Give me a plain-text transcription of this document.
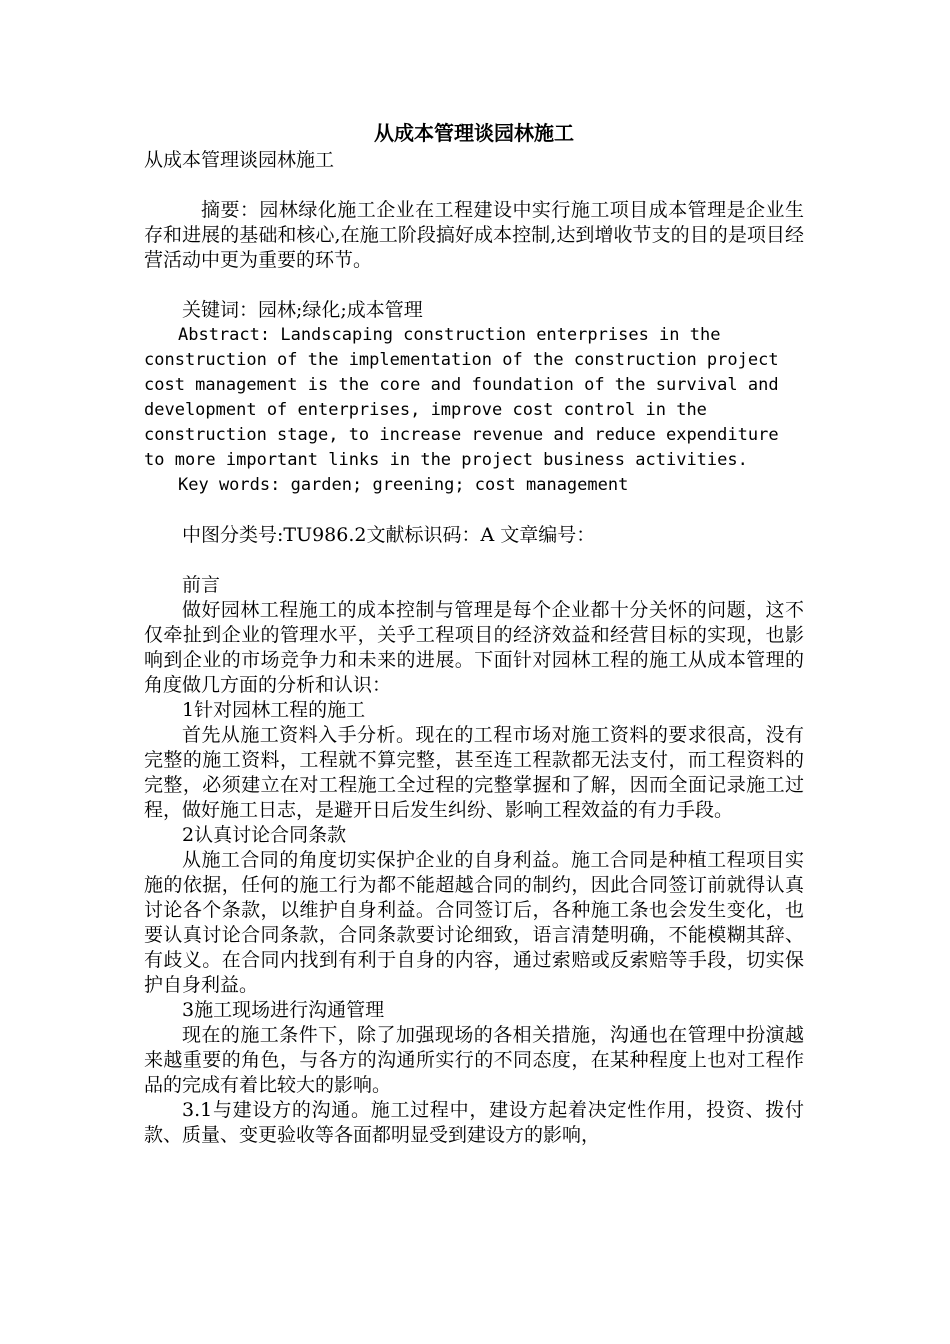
从成本管理谈园林施工

从成本管理谈园林施工

摘要：园林绿化施工企业在工程建设中实行施工项目成本管理是企业生存和进展的基础和核心,在施工阶段搞好成本控制,达到增收节支的目的是项目经营活动中更为重要的环节。

关键词：园林;绿化;成本管理

Abstract: Landscaping construction enterprises in the construction of the implementation of the construction project cost management is the core and foundation of the survival and development of enterprises, improve cost control in the construction stage, to increase revenue and reduce expenditure to more important links in the project business activities.

Key words: garden; greening; cost management

中图分类号:TU986.2文献标识码：A 文章编号：

前言

做好园林工程施工的成本控制与管理是每个企业都十分关怀的问题，这不仅牵扯到企业的管理水平，关乎工程项目的经济效益和经营目标的实现，也影响到企业的市场竞争力和未来的进展。下面针对园林工程的施工从成本管理的角度做几方面的分析和认识：

1针对园林工程的施工

首先从施工资料入手分析。现在的工程市场对施工资料的要求很高，没有完整的施工资料，工程就不算完整，甚至连工程款都无法支付，而工程资料的完整，必须建立在对工程施工全过程的完整掌握和了解，因而全面记录施工过程，做好施工日志，是避开日后发生纠纷、影响工程效益的有力手段。

2认真讨论合同条款

从施工合同的角度切实保护企业的自身利益。施工合同是种植工程项目实施的依据，任何的施工行为都不能超越合同的制约，因此合同签订前就得认真讨论各个条款，以维护自身利益。合同签订后，各种施工条也会发生变化，也要认真讨论合同条款，合同条款要讨论细致，语言清楚明确，不能模糊其辞、有歧义。在合同内找到有利于自身的内容，通过索赔或反索赔等手段，切实保护自身利益。

3施工现场进行沟通管理

现在的施工条件下，除了加强现场的各相关措施，沟通也在管理中扮演越来越重要的角色，与各方的沟通所实行的不同态度，在某种程度上也对工程作品的完成有着比较大的影响。

3.1与建设方的沟通。施工过程中，建设方起着决定性作用，投资、拨付款、质量、变更验收等各面都明显受到建设方的影响，
